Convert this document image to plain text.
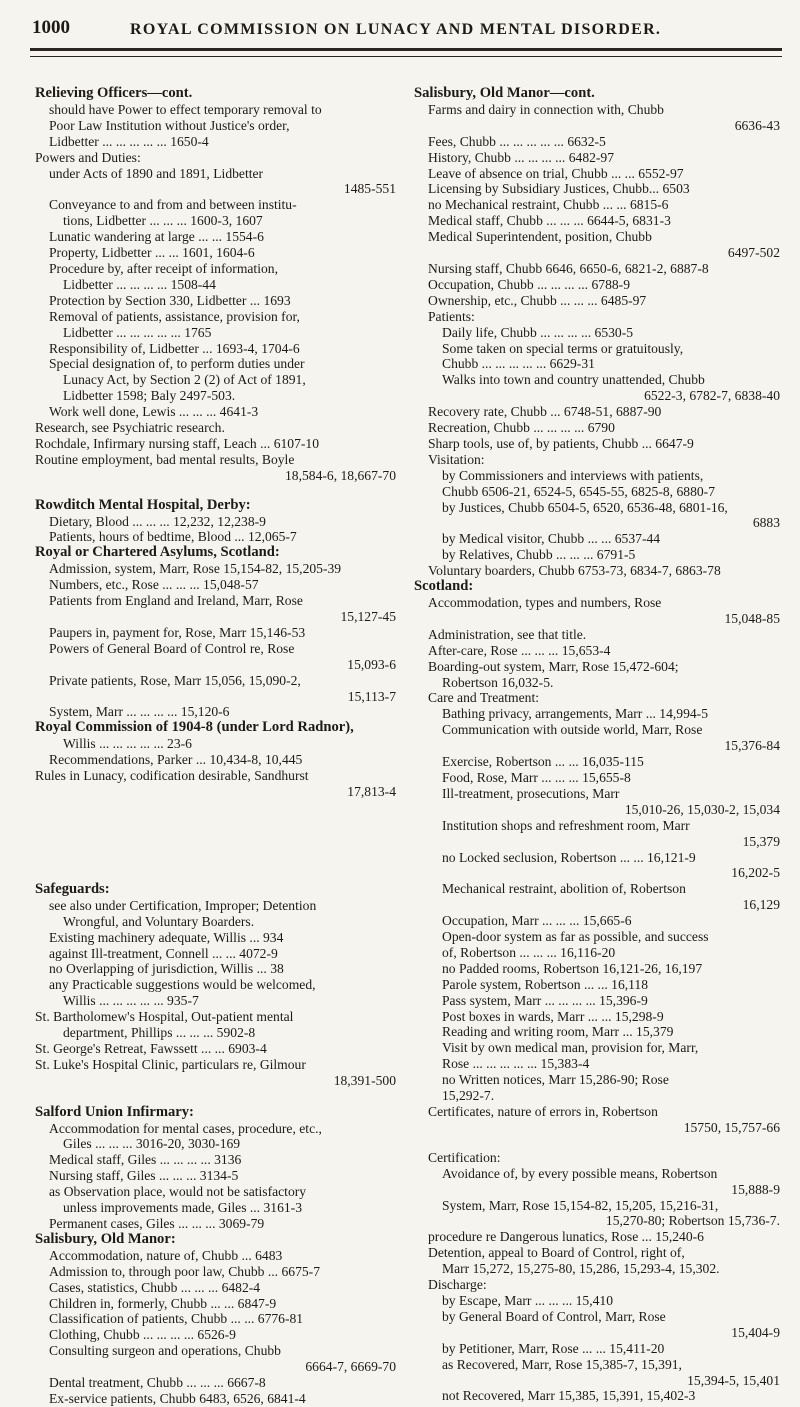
1000	ROYAL COMMISSION ON LUNACY AND MENTAL DISORDER.
Relieving Officers—cont.
should have Power to effect temporary removal to
Poor Law Institution without Justice's order,
Lidbetter ... ... ... ... ... 1650-4
Powers and Duties:
under Acts of 1890 and 1891, Lidbetter
1485-551
Conveyance to and from and between institu-
tions, Lidbetter ... ... ... 1600-3, 1607
Lunatic wandering at large ... ... 1554-6
Property, Lidbetter ... ... 1601, 1604-6
Procedure by, after receipt of information,
Lidbetter ... ... ... ... 1508-44
Protection by Section 330, Lidbetter ... 1693
Removal of patients, assistance, provision for,
Lidbetter ... ... ... ... ... 1765
Responsibility of, Lidbetter ... 1693-4, 1704-6
Special designation of, to perform duties under
Lunacy Act, by Section 2 (2) of Act of 1891,
Lidbetter 1598; Baly 2497-503.
Work well done, Lewis ... ... ... 4641-3
Research, see Psychiatric research.
Rochdale, Infirmary nursing staff, Leach ... 6107-10
Routine employment, bad mental results, Boyle
18,584-6, 18,667-70
Rowditch Mental Hospital, Derby:
Dietary, Blood ... ... ... 12,232, 12,238-9
Patients, hours of bedtime, Blood ... 12,065-7
Royal or Chartered Asylums, Scotland:
Admission, system, Marr, Rose 15,154-82, 15,205-39
Numbers, etc., Rose ... ... ... 15,048-57
Patients from England and Ireland, Marr, Rose
15,127-45
Paupers in, payment for, Rose, Marr 15,146-53
Powers of General Board of Control re, Rose
15,093-6
Private patients, Rose, Marr 15,056, 15,090-2,
15,113-7
System, Marr ... ... ... ... 15,120-6
Royal Commission of 1904-8 (under Lord Radnor),
Willis ... ... ... ... ... 23-6
Recommendations, Parker ... 10,434-8, 10,445
Rules in Lunacy, codification desirable, Sandhurst
17,813-4
Safeguards:
see also under Certification, Improper; Detention
Wrongful, and Voluntary Boarders.
Existing machinery adequate, Willis ... 934
against Ill-treatment, Connell ... ... 4072-9
no Overlapping of jurisdiction, Willis ... 38
any Practicable suggestions would be welcomed,
Willis ... ... ... ... ... 935-7
St. Bartholomew's Hospital, Out-patient mental
department, Phillips ... ... ... 5902-8
St. George's Retreat, Fawssett ... ... 6903-4
St. Luke's Hospital Clinic, particulars re, Gilmour
18,391-500
Salford Union Infirmary:
Accommodation for mental cases, procedure, etc.,
Giles ... ... ... 3016-20, 3030-169
Medical staff, Giles ... ... ... ... 3136
Nursing staff, Giles ... ... ... 3134-5
as Observation place, would not be satisfactory
unless improvements made, Giles ... 3161-3
Permanent cases, Giles ... ... ... 3069-79
Salisbury, Old Manor:
Accommodation, nature of, Chubb ... 6483
Admission to, through poor law, Chubb ... 6675-7
Cases, statistics, Chubb ... ... ... 6482-4
Children in, formerly, Chubb ... ... 6847-9
Classification of patients, Chubb ... ... 6776-81
Clothing, Chubb ... ... ... ... 6526-9
Consulting surgeon and operations, Chubb
6664-7, 6669-70
Dental treatment, Chubb ... ... ... 6667-8
Ex-service patients, Chubb 6483, 6526, 6841-4
Salisbury, Old Manor—cont.
Farms and dairy in connection with, Chubb
6636-43
Fees, Chubb ... ... ... ... ... 6632-5
History, Chubb ... ... ... ... 6482-97
Leave of absence on trial, Chubb ... ... 6552-97
Licensing by Subsidiary Justices, Chubb... 6503
no Mechanical restraint, Chubb ... ... 6815-6
Medical staff, Chubb ... ... ... 6644-5, 6831-3
Medical Superintendent, position, Chubb
6497-502
Nursing staff, Chubb 6646, 6650-6, 6821-2, 6887-8
Occupation, Chubb ... ... ... ... 6788-9
Ownership, etc., Chubb ... ... ... 6485-97
Patients:
Daily life, Chubb ... ... ... ... 6530-5
Some taken on special terms or gratuitously,
Chubb ... ... ... ... ... 6629-31
Walks into town and country unattended, Chubb
6522-3, 6782-7, 6838-40
Recovery rate, Chubb ... 6748-51, 6887-90
Recreation, Chubb ... ... ... ... 6790
Sharp tools, use of, by patients, Chubb ... 6647-9
Visitation:
by Commissioners and interviews with patients,
Chubb 6506-21, 6524-5, 6545-55, 6825-8, 6880-7
by Justices, Chubb 6504-5, 6520, 6536-48, 6801-16,
6883
by Medical visitor, Chubb ... ... 6537-44
by Relatives, Chubb ... ... ... 6791-5
Voluntary boarders, Chubb 6753-73, 6834-7, 6863-78
Scotland:
Accommodation, types and numbers, Rose
15,048-85
Administration, see that title.
After-care, Rose ... ... ... 15,653-4
Boarding-out system, Marr, Rose 15,472-604;
Robertson 16,032-5.
Care and Treatment:
Bathing privacy, arrangements, Marr ... 14,994-5
Communication with outside world, Marr, Rose
15,376-84
Exercise, Robertson ... ... 16,035-115
Food, Rose, Marr ... ... ... 15,655-8
Ill-treatment, prosecutions, Marr
15,010-26, 15,030-2, 15,034
Institution shops and refreshment room, Marr
15,379
no Locked seclusion, Robertson ... ... 16,121-9
16,202-5
Mechanical restraint, abolition of, Robertson
16,129
Occupation, Marr ... ... ... 15,665-6
Open-door system as far as possible, and success
of, Robertson ... ... ... 16,116-20
no Padded rooms, Robertson 16,121-26, 16,197
Parole system, Robertson ... ... 16,118
Pass system, Marr ... ... ... ... 15,396-9
Post boxes in wards, Marr ... ... 15,298-9
Reading and writing room, Marr ... 15,379
Visit by own medical man, provision for, Marr,
Rose ... ... ... ... ... 15,383-4
no Written notices, Marr 15,286-90; Rose
15,292-7.
Certificates, nature of errors in, Robertson
15750, 15,757-66
Certification:
Avoidance of, by every possible means, Robertson
15,888-9
System, Marr, Rose 15,154-82, 15,205, 15,216-31,
15,270-80; Robertson 15,736-7.
procedure re Dangerous lunatics, Rose ... 15,240-6
Detention, appeal to Board of Control, right of,
Marr 15,272, 15,275-80, 15,286, 15,293-4, 15,302.
Discharge:
by Escape, Marr ... ... ... 15,410
by General Board of Control, Marr, Rose
15,404-9
by Petitioner, Marr, Rose ... ... 15,411-20
as Recovered, Marr, Rose 15,385-7, 15,391,
15,394-5, 15,401
not Recovered, Marr 15,385, 15,391, 15,402-3
